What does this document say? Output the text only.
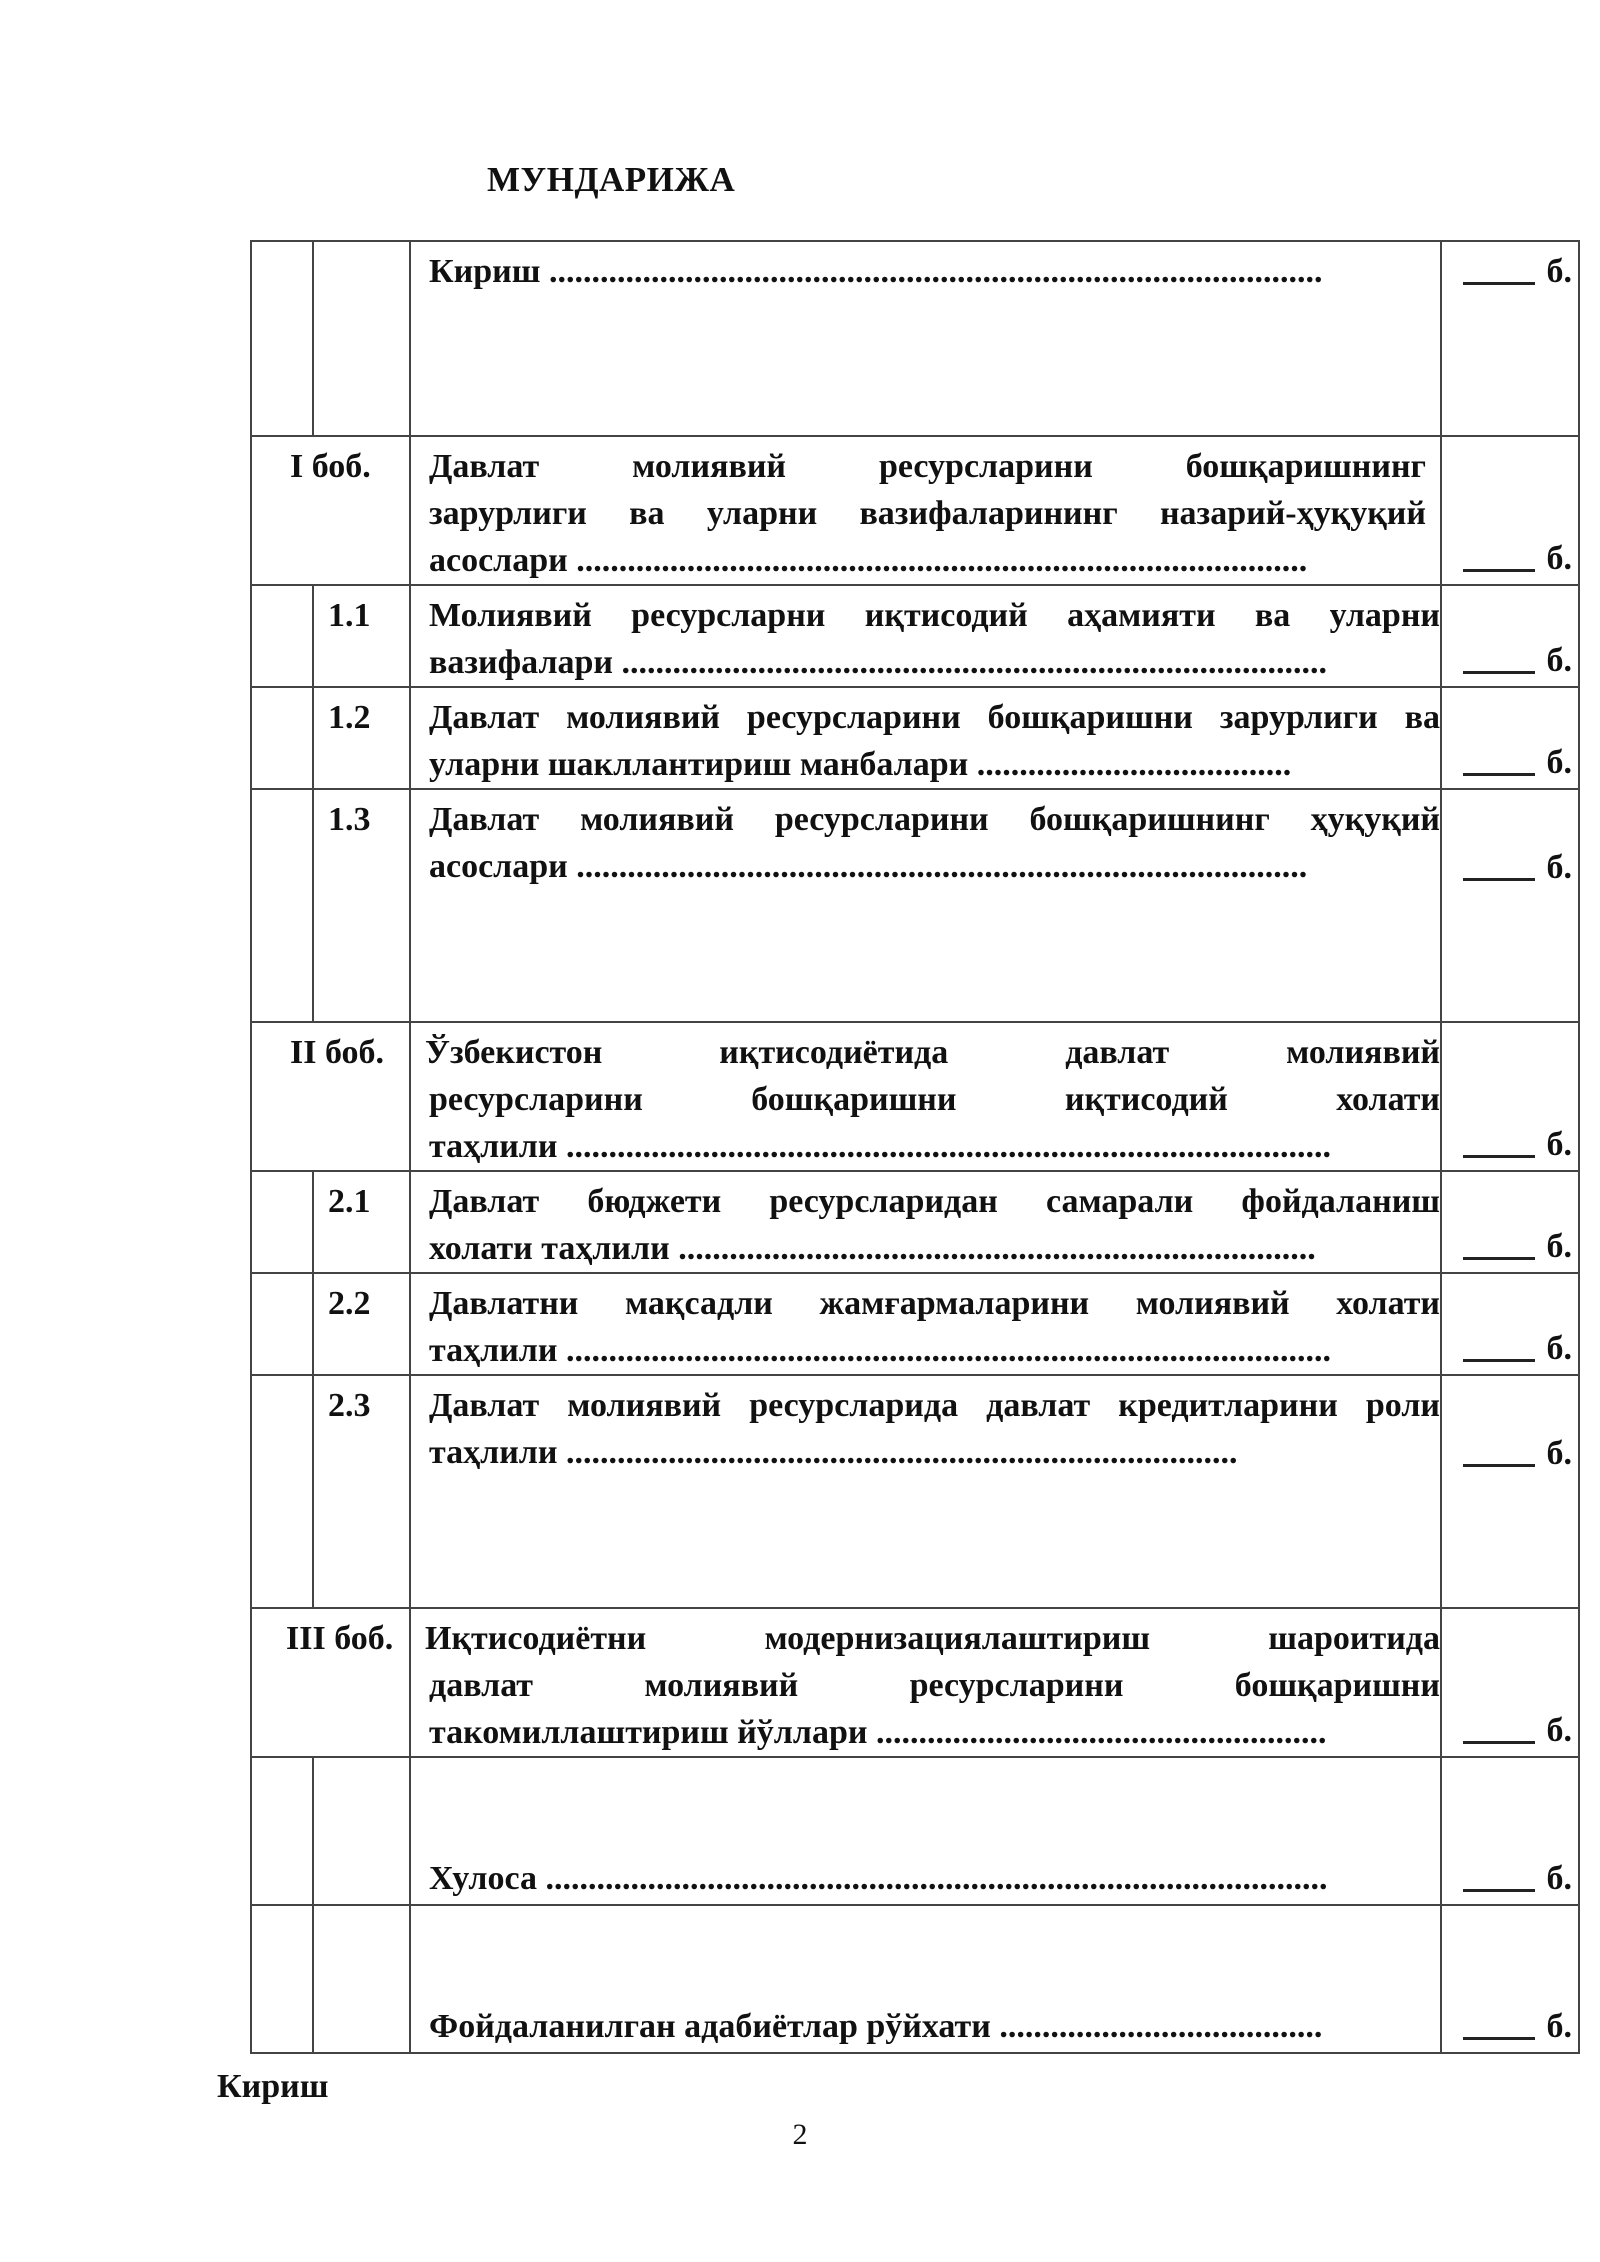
МУНДАРИЖА

		Кириш ...........................................................................................	б.
I боб.		Давлат молиявий ресурсларини бошқаришнинг
зарурлиги ва уларни вазифаларининг назарий-ҳуқуқий
асослари ......................................................................................	б.

	1.1	Молиявий ресурсларни иқтисодий аҳамияти ва уларни
вазифалари ...................................................................................	б.

	1.2	Давлат молиявий ресурсларини бошқаришни зарурлиги ва
уларни шакллантириш манбалари .....................................	б.

	1.3	Давлат молиявий ресурсларини бошқаришнинг ҳуқуқий
асослари ......................................................................................	б.
II боб.		Ўзбекистон иқтисодиётида давлат молиявий
ресурсларини бошқаришни иқтисодий холати
таҳлили ..........................................................................................	б.

	2.1	Давлат бюджети ресурсларидан самарали фойдаланиш
холати таҳлили ...........................................................................	б.

	2.2	Давлатни мақсадли жамғармаларини молиявий холати
таҳлили ..........................................................................................	б.

	2.3	Давлат молиявий ресурсларида давлат кредитларини роли
таҳлили ...............................................................................	б.
III боб.		Иқтисодиётни модернизациялаштириш шароитида
давлат молиявий ресурсларини бошқаришни
такомиллаштириш йўллари .....................................................	б.

		Хулоса ............................................................................................	б.

		Фойдаланилган адабиётлар рўйхати ......................................	б.
Кириш
2
